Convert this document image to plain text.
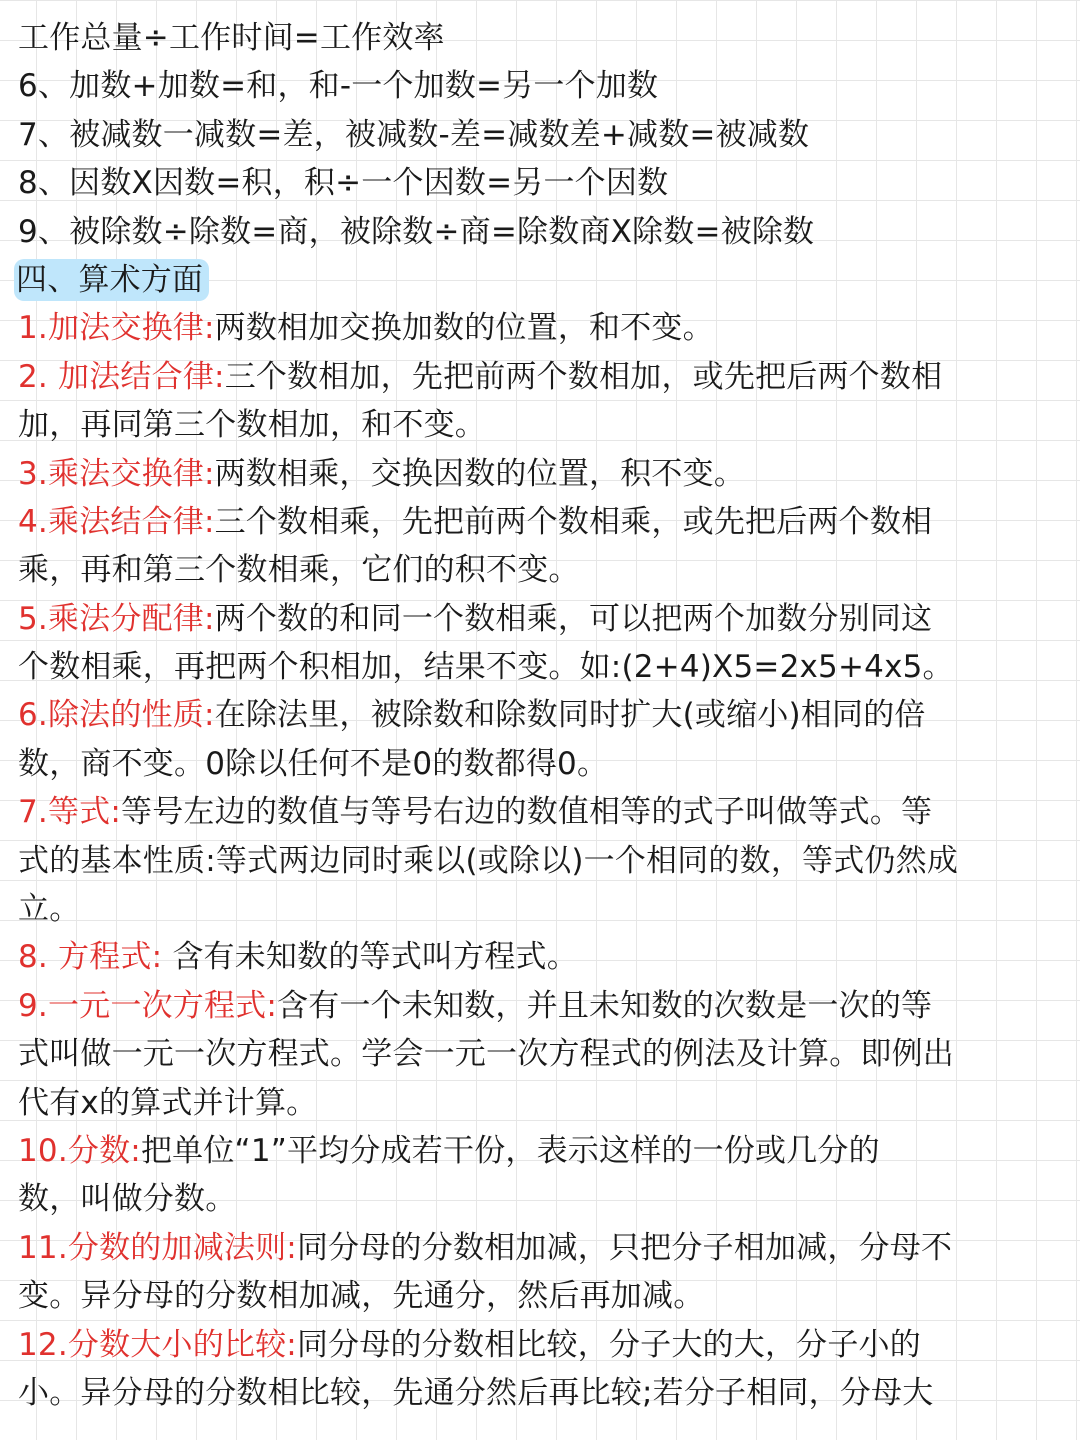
工作总量÷工作时间=工作效率
6、加数+加数=和，和-一个加数=另一个加数
7、被减数一减数=差，被减数-差=减数差+减数=被减数
8、因数X因数=积，积÷一个因数=另一个因数
9、被除数÷除数=商，被除数÷商=除数商X除数=被除数
四、算术方面
1.加法交换律:两数相加交换加数的位置，和不变。
2. 加法结合律:三个数相加，先把前两个数相加，或先把后两个数相
加，再同第三个数相加，和不变。
3.乘法交换律:两数相乘，交换因数的位置，积不变。
4.乘法结合律:三个数相乘，先把前两个数相乘，或先把后两个数相
乘，再和第三个数相乘，它们的积不变。
5.乘法分配律:两个数的和同一个数相乘，可以把两个加数分别同这
个数相乘，再把两个积相加，结果不变。如:(2+4)X5=2x5+4x5。
6.除法的性质:在除法里，被除数和除数同时扩大(或缩小)相同的倍
数，商不变。0除以任何不是0的数都得0。
7.等式:等号左边的数值与等号右边的数值相等的式子叫做等式。等
式的基本性质:等式两边同时乘以(或除以)一个相同的数，等式仍然成
立。
8. 方程式: 含有未知数的等式叫方程式。
9.一元一次方程式:含有一个未知数，并且未知数的次数是一次的等
式叫做一元一次方程式。学会一元一次方程式的例法及计算。即例出
代有x的算式并计算。
10.分数:把单位“1”平均分成若干份，表示这样的一份或几分的
数，叫做分数。
11.分数的加减法则:同分母的分数相加减，只把分子相加减，分母不
变。异分母的分数相加减，先通分，然后再加减。
12.分数大小的比较:同分母的分数相比较，分子大的大，分子小的
小。异分母的分数相比较，先通分然后再比较;若分子相同，分母大
